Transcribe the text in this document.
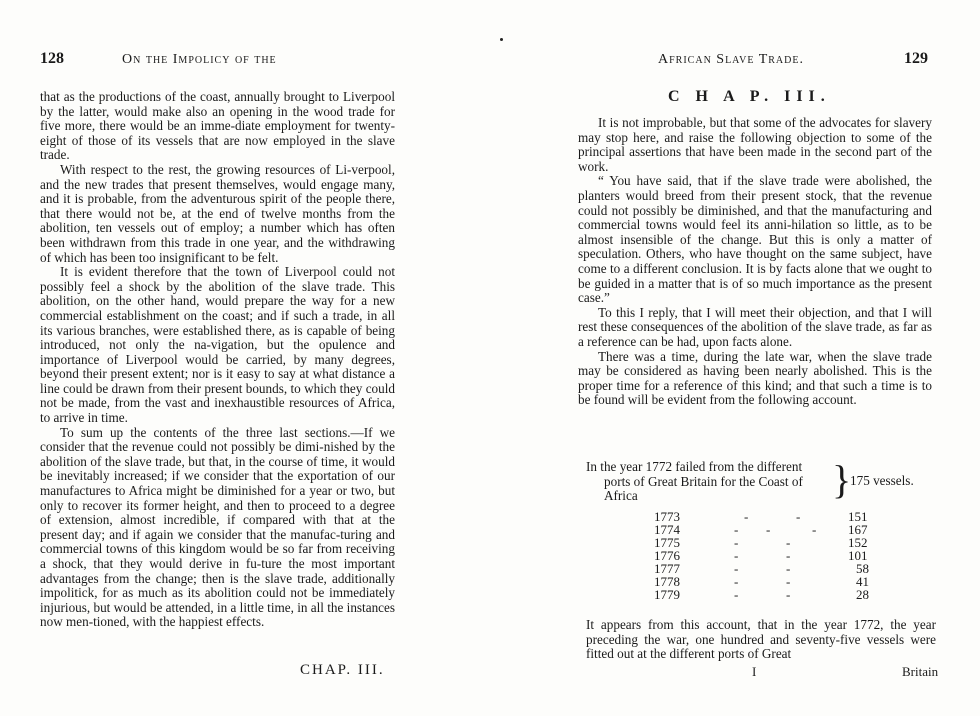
128	On the Impolicy of the

that as the productions of the coast, annually brought to Liverpool by the latter, would make also an opening in the wood trade for five more, there would be an imme-diate employment for twenty-eight of those of its vessels that are now employed in the slave trade.

With respect to the rest, the growing resources of Li-verpool, and the new trades that present themselves, would engage many, and it is probable, from the adventurous spirit of the people there, that there would not be, at the end of twelve months from the abolition, ten vessels out of employ; a number which has often been withdrawn from this trade in one year, and the withdrawing of which has been too insignificant to be felt.

It is evident therefore that the town of Liverpool could not possibly feel a shock by the abolition of the slave trade. This abolition, on the other hand, would prepare the way for a new commercial establishment on the coast; and if such a trade, in all its various branches, were established there, as is capable of being introduced, not only the na-vigation, but the opulence and importance of Liverpool would be carried, by many degrees, beyond their present extent; nor is it easy to say at what distance a line could be drawn from their present bounds, to which they could not be made, from the vast and inexhaustible resources of Africa, to arrive in time.

To sum up the contents of the three last sections.—If we consider that the revenue could not possibly be dimi-nished by the abolition of the slave trade, but that, in the course of time, it would be inevitably increased; if we consider that the exportation of our manufactures to Africa might be diminished for a year or two, but only to recover its former height, and then to proceed to a degree of extension, almost incredible, if compared with that at the present day; and if again we consider that the manufac-turing and commercial towns of this kingdom would be so far from receiving a shock, that they would derive in fu-ture the most important advantages from the change; then is the slave trade, additionally impolitick, for as much as its abolition could not be immediately injurious, but would be attended, in a little time, in all the instances now men-tioned, with the happiest effects.

CHAP. III.
African Slave Trade.	129
C H A P. III.

It is not improbable, but that some of the advocates for slavery may stop here, and raise the following objection to some of the principal assertions that have been made in the second part of the work.

“ You have said, that if the slave trade were abolished, the planters would breed from their present stock, that the revenue could not possibly be diminished, and that the manufacturing and commercial towns would feel its anni-hilation so little, as to be almost insensible of the change. But this is only a matter of speculation. Others, who have thought on the same subject, have come to a different conclusion. It is by facts alone that we ought to be guided in a matter that is of so much importance as the present case.”

To this I reply, that I will meet their objection, and that I will rest these consequences of the abolition of the slave trade, as far as a reference can be had, upon facts alone.

There was a time, during the late war, when the slave trade may be considered as having been nearly abolished. This is the proper time for a reference of this kind; and that such a time is to be found will be evident from the following account.

In the year 1772 failed from the different
ports of Great Britain for the Coast of
Africa	}
175 vessels.
1773	-	-	151
1774	- -	- 167
1775	-	-	152
1776	-	-	101
1777	-	-	58
1778	-	-	41
1779	-	-	28

It appears from this account, that in the year 1772, the year preceding the war, one hundred and seventy-five vessels were fitted out at the different ports of Great

I	Britain
